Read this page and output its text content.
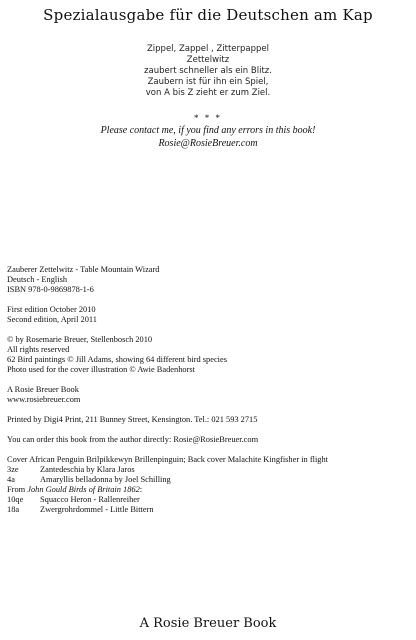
Spezialausgabe für die Deutschen am Kap
Zippel, Zappel , Zitterpappel
Zettelwitz
zaubert schneller als ein Blitz.
Zaubern ist für ihn ein Spiel,
von A bis Z zieht er zum Ziel.
* * *
Please contact me, if you find any errors in this book!
Rosie@RosieBreuer.com
Zauberer Zettelwitz - Table Mountain Wizard
Deutsch - English
ISBN 978-0-9869878-1-6
First edition October 2010
Second edition, April 2011
© by Rosemarie Breuer, Stellenbosch 2010
All rights reserved
62 Bird paintings © Jill Adams, showing 64 different bird species
Photo used for the cover illustration © Awie Badenhorst
A Rosie Breuer Book
www.rosiebreuer.com
Printed by Digi4 Print, 211 Bunney Street, Kensington. Tel.: 021 593 2715
You can order this book from the author directly: Rosie@RosieBreuer.com
Cover African Penguin Brilpikkewyn Brillenpinguin; Back cover Malachite Kingfisher in flight
3ze	Zantedeschia by Klara Jaros
4a	Amaryllis belladonna by Joel Schilling
From John Gould Birds of Britain 1862:
10qe Squacco Heron - Rallenreiher
18a Zwergrohrdommel - Little Bittern
A Rosie Breuer Book
